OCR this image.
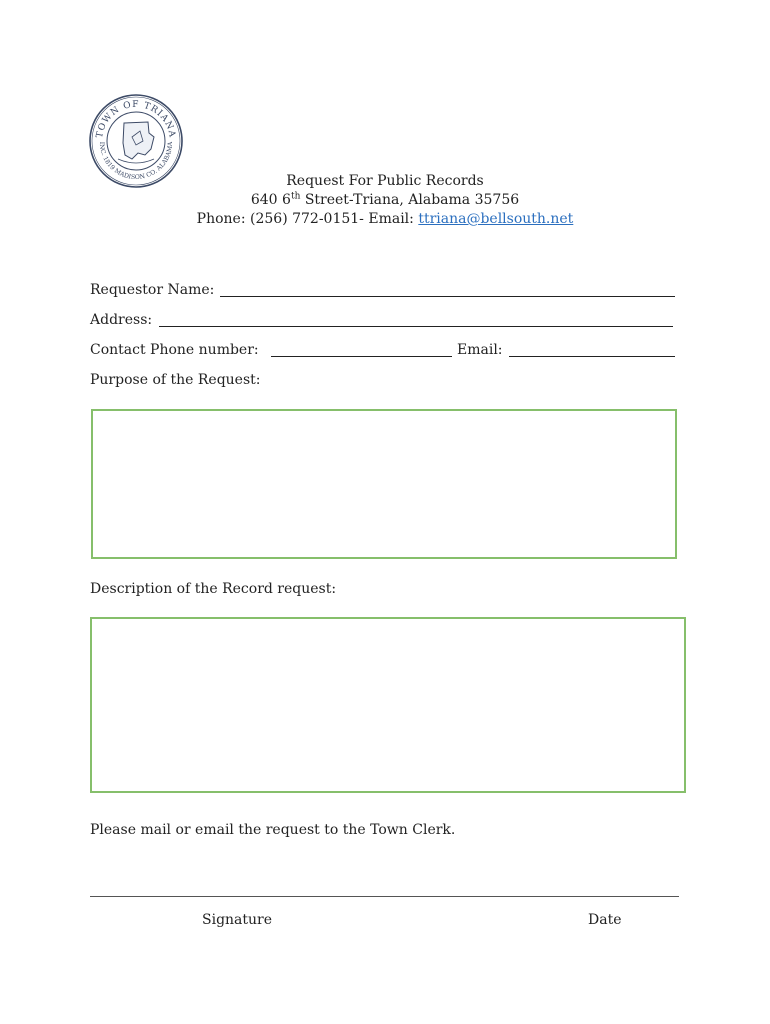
TOWN OF TRIANA
INC. 1819 MADISON CO. ALABAMA
Request For Public Records
640 6th Street-Triana, Alabama 35756
Phone: (256) 772-0151- Email: ttriana@bellsouth.net
Requestor Name:
Address:
Contact Phone number:	Email:
Purpose of the Request:
Description of the Record request:
Please mail or email the request to the Town Clerk.
Signature	Date
